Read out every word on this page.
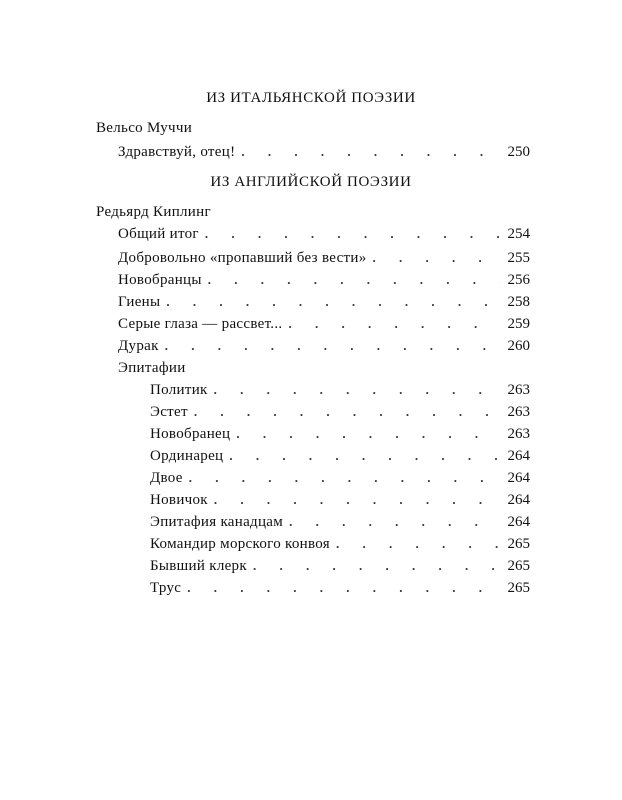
ИЗ ИТАЛЬЯНСКОЙ ПОЭЗИИ
Вельсо Муччи
Здравствуй, отец! . . .	250
ИЗ АНГЛИЙСКОЙ ПОЭЗИИ
Редьярд Киплинг
Общий итог . . .	254
Добровольно «пропавший без вести» . . .	255
Новобранцы . . .	256
Гиены . . .	258
Серые глаза — рассвет... . . .	259
Дурак . . .	260
Эпитафии
Политик . . .	263
Эстет . . .	263
Новобранец . . .	263
Ординарец . . .	264
Двое . . .	264
Новичок . . .	264
Эпитафия канадцам . . .	264
Командир морского конвоя . . .	265
Бывший клерк . . .	265
Трус . . .	265
